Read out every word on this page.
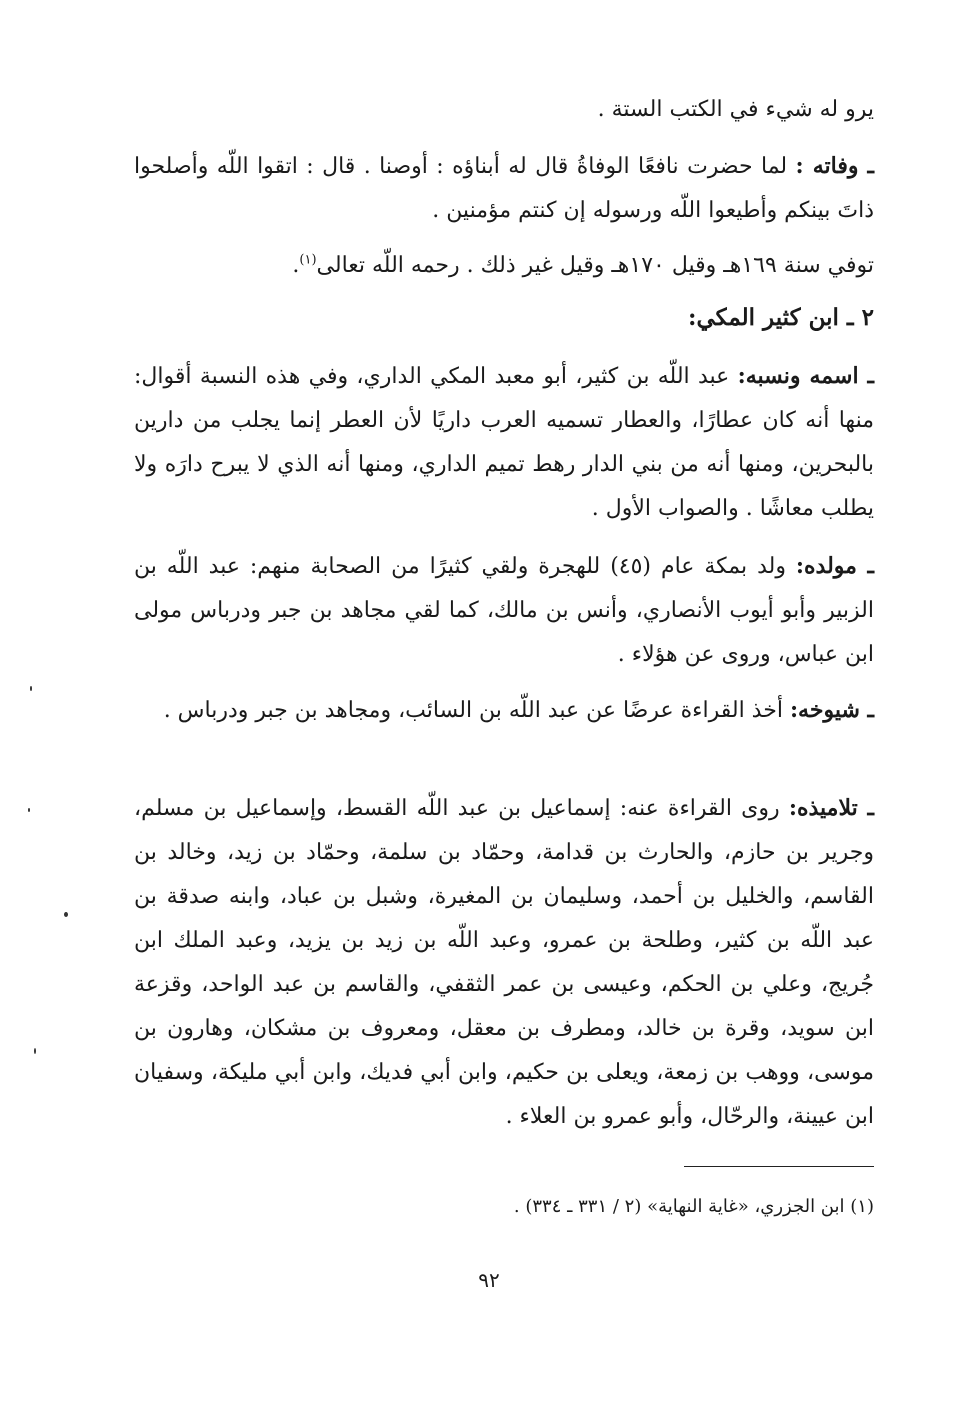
يرو له شيء في الكتب الستة .

ـ وفاته : لما حضرت نافعًا الوفاةُ قال له أبناؤه : أوصنا . قال : اتقوا اللّه وأصلحوا ذاتَ بينكم وأطيعوا اللّه ورسوله إن كنتم مؤمنين .

توفي سنة ١٦٩هـ وقيل ١٧٠هـ وقيل غير ذلك . رحمه اللّه تعالى$^{(١)}$.

٢ ـ ابن كثير المكي:

ـ اسمه ونسبه: عبد اللّه بن كثير، أبو معبد المكي الداري، وفي هذه النسبة أقوال: منها أنه كان عطارًا، والعطار تسميه العرب داريًا لأن العطر إنما يجلب من دارين بالبحرين، ومنها أنه من بني الدار رهط تميم الداري، ومنها أنه الذي لا يبرح دارَه ولا يطلب معاشًا . والصواب الأول .

ـ مولده: ولد بمكة عام (٤٥) للهجرة ولقي كثيرًا من الصحابة منهم: عبد اللّه بن الزبير وأبو أيوب الأنصاري، وأنس بن مالك، كما لقي مجاهد بن جبر ودرباس مولى ابن عباس، وروى عن هؤلاء .

ـ شيوخه: أخذ القراءة عرضًا عن عبد اللّه بن السائب، ومجاهد بن جبر ودرباس .

ـ تلاميذه: روى القراءة عنه: إسماعيل بن عبد اللّه القسط، وإسماعيل بن مسلم، وجرير بن حازم، والحارث بن قدامة، وحمّاد بن سلمة، وحمّاد بن زيد، وخالد بن القاسم، والخليل بن أحمد، وسليمان بن المغيرة، وشبل بن عباد، وابنه صدقة بن عبد اللّه بن كثير، وطلحة بن عمرو، وعبد اللّه بن زيد بن يزيد، وعبد الملك ابن جُريج، وعلي بن الحكم، وعيسى بن عمر الثقفي، والقاسم بن عبد الواحد، وقزعة ابن سويد، وقرة بن خالد، ومطرف بن معقل، ومعروف بن مشكان، وهارون بن موسى، ووهب بن زمعة، ويعلى بن حكيم، وابن أبي فديك، وابن أبي مليكة، وسفيان ابن عيينة، والرحّال، وأبو عمرو بن العلاء .

(١) ابن الجزري، «غاية النهاية» (٢ / ٣٣١ ـ ٣٣٤) .

٩٢
